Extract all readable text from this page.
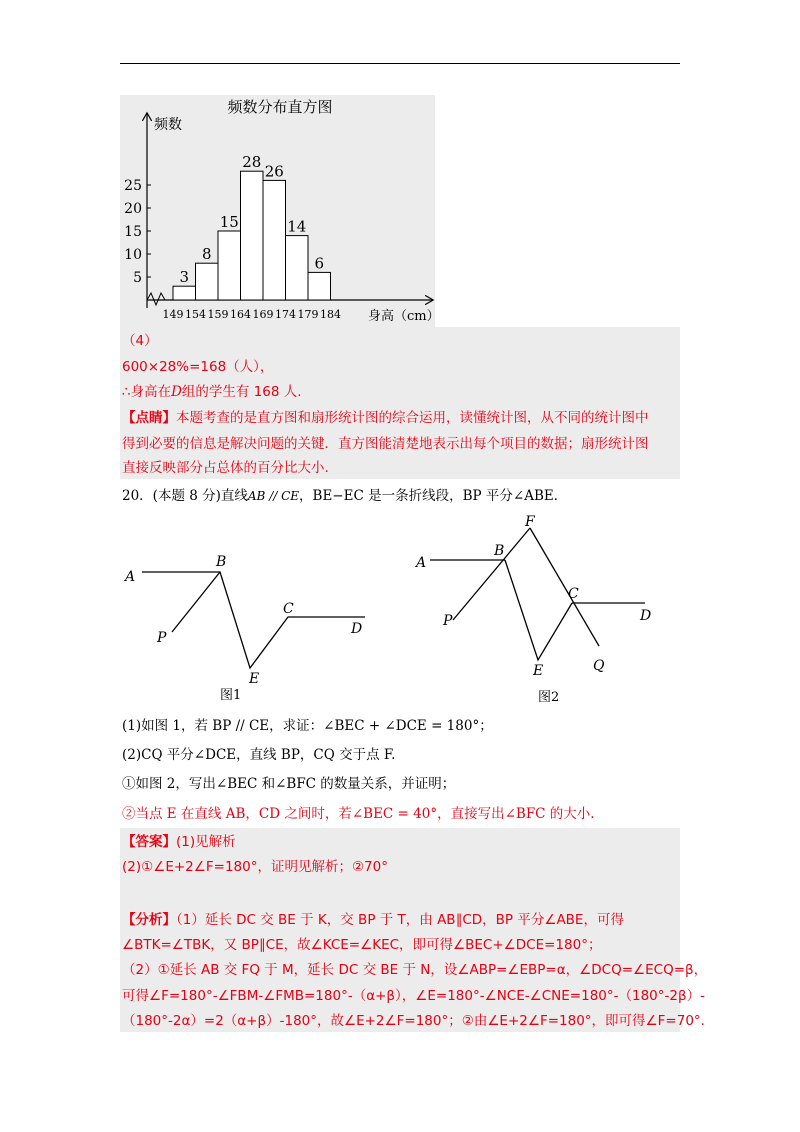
频数分布直方图
频数
5
10
15
20
25
3
8
15
28
26
14
6
149 154 159 164 169 174 179 184 身高（cm）
（4）
600×28%=168（人），
∴身高在D组的学生有 168 人.
【点睛】本题考查的是直方图和扇形统计图的综合运用，读懂统计图，从不同的统计图中
得到必要的信息是解决问题的关键．直方图能清楚地表示出每个项目的数据；扇形统计图
直接反映部分占总体的百分比大小.
20．(本题 8 分)直线AB // CE，BE−EC 是一条折线段，BP 平分∠ABE．
A
B
C
D
E
P
图1
A
B
F
C
D
P
E	Q
图2
(1)如图 1，若 BP // CE，求证：∠BEC + ∠DCE = 180°；
(2)CQ 平分∠DCE，直线 BP，CQ 交于点 F.
①如图 2，写出∠BEC 和∠BFC 的数量关系，并证明；
②当点 E 在直线 AB，CD 之间时，若∠BEC = 40°，直接写出∠BFC 的大小.
【答案】(1)见解析
(2)①∠E+2∠F=180°，证明见解析；②70°
【分析】（1）延长 DC 交 BE 于 K，交 BP 于 T，由 AB∥CD，BP 平分∠ABE，可得
∠BTK=∠TBK，又 BP∥CE，故∠KCE=∠KEC，即可得∠BEC+∠DCE=180°；
（2）①延长 AB 交 FQ 于 M，延长 DC 交 BE 于 N，设∠ABP=∠EBP=α，∠DCQ=∠ECQ=β，
可得∠F=180°-∠FBM-∠FMB=180°-（α+β），∠E=180°-∠NCE-∠CNE=180°-（180°-2β）-
（180°-2α）=2（α+β）-180°，故∠E+2∠F=180°；②由∠E+2∠F=180°，即可得∠F=70°.
